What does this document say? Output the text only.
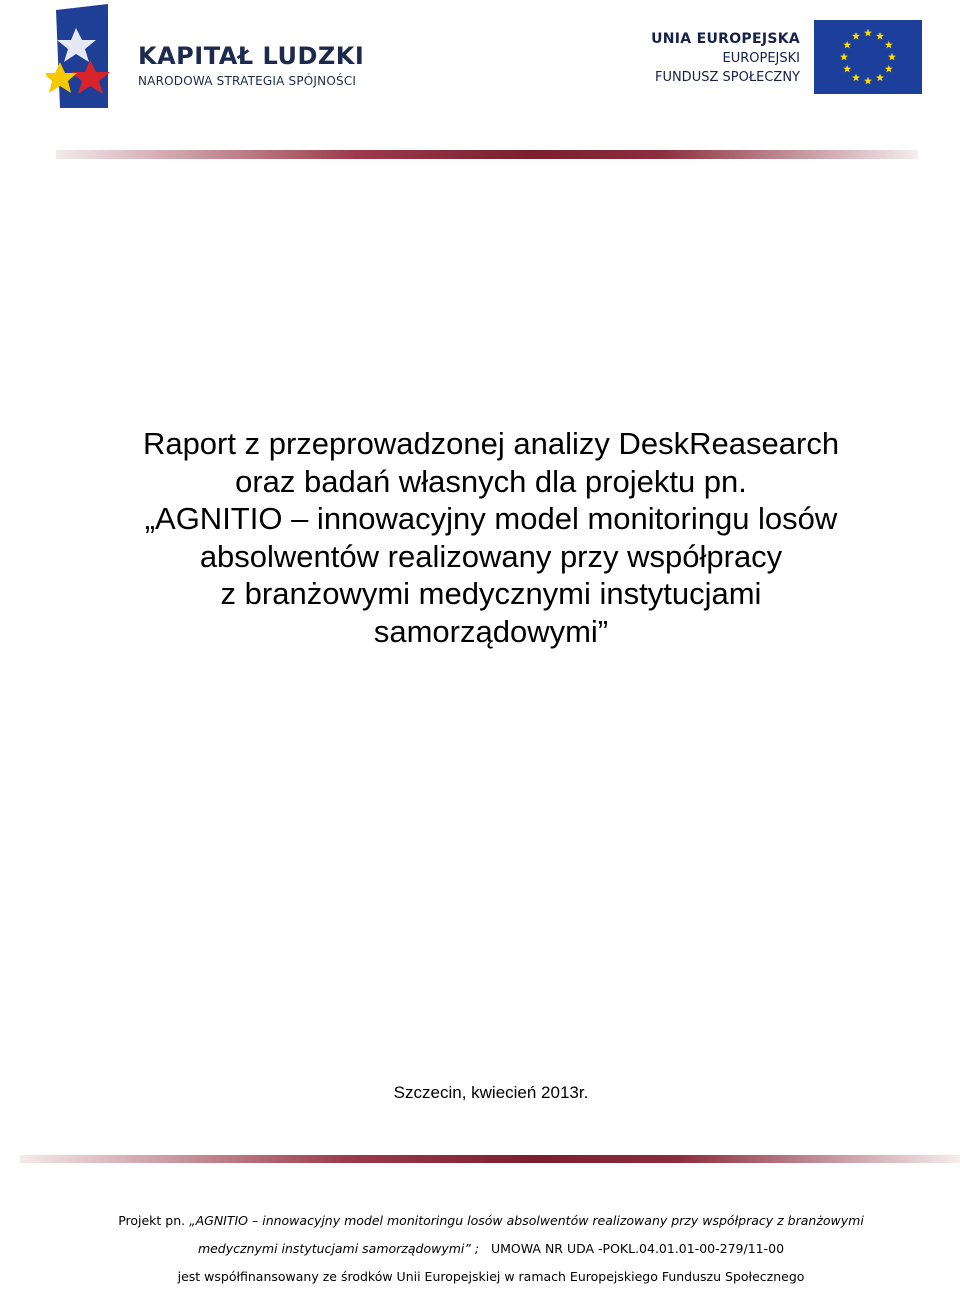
KAPITAŁ LUDZKI
NARODOWA STRATEGIA SPÓJNOŚCI
UNIA EUROPEJSKA
EUROPEJSKI
FUNDUSZ SPOŁECZNY
Raport z przeprowadzonej analizy DeskReasearch
oraz badań własnych dla projektu pn.
„AGNITIO – innowacyjny model monitoringu losów
absolwentów realizowany przy współpracy
z branżowymi medycznymi instytucjami
samorządowymi”
Szczecin, kwiecień 2013r.
Projekt pn. „AGNITIO – innowacyjny model monitoringu losów absolwentów realizowany przy współpracy z branżowymi
medycznymi instytucjami samorządowymi” ; UMOWA NR UDA -POKL.04.01.01-00-279/11-00
jest współfinansowany ze środków Unii Europejskiej w ramach Europejskiego Funduszu Społecznego
